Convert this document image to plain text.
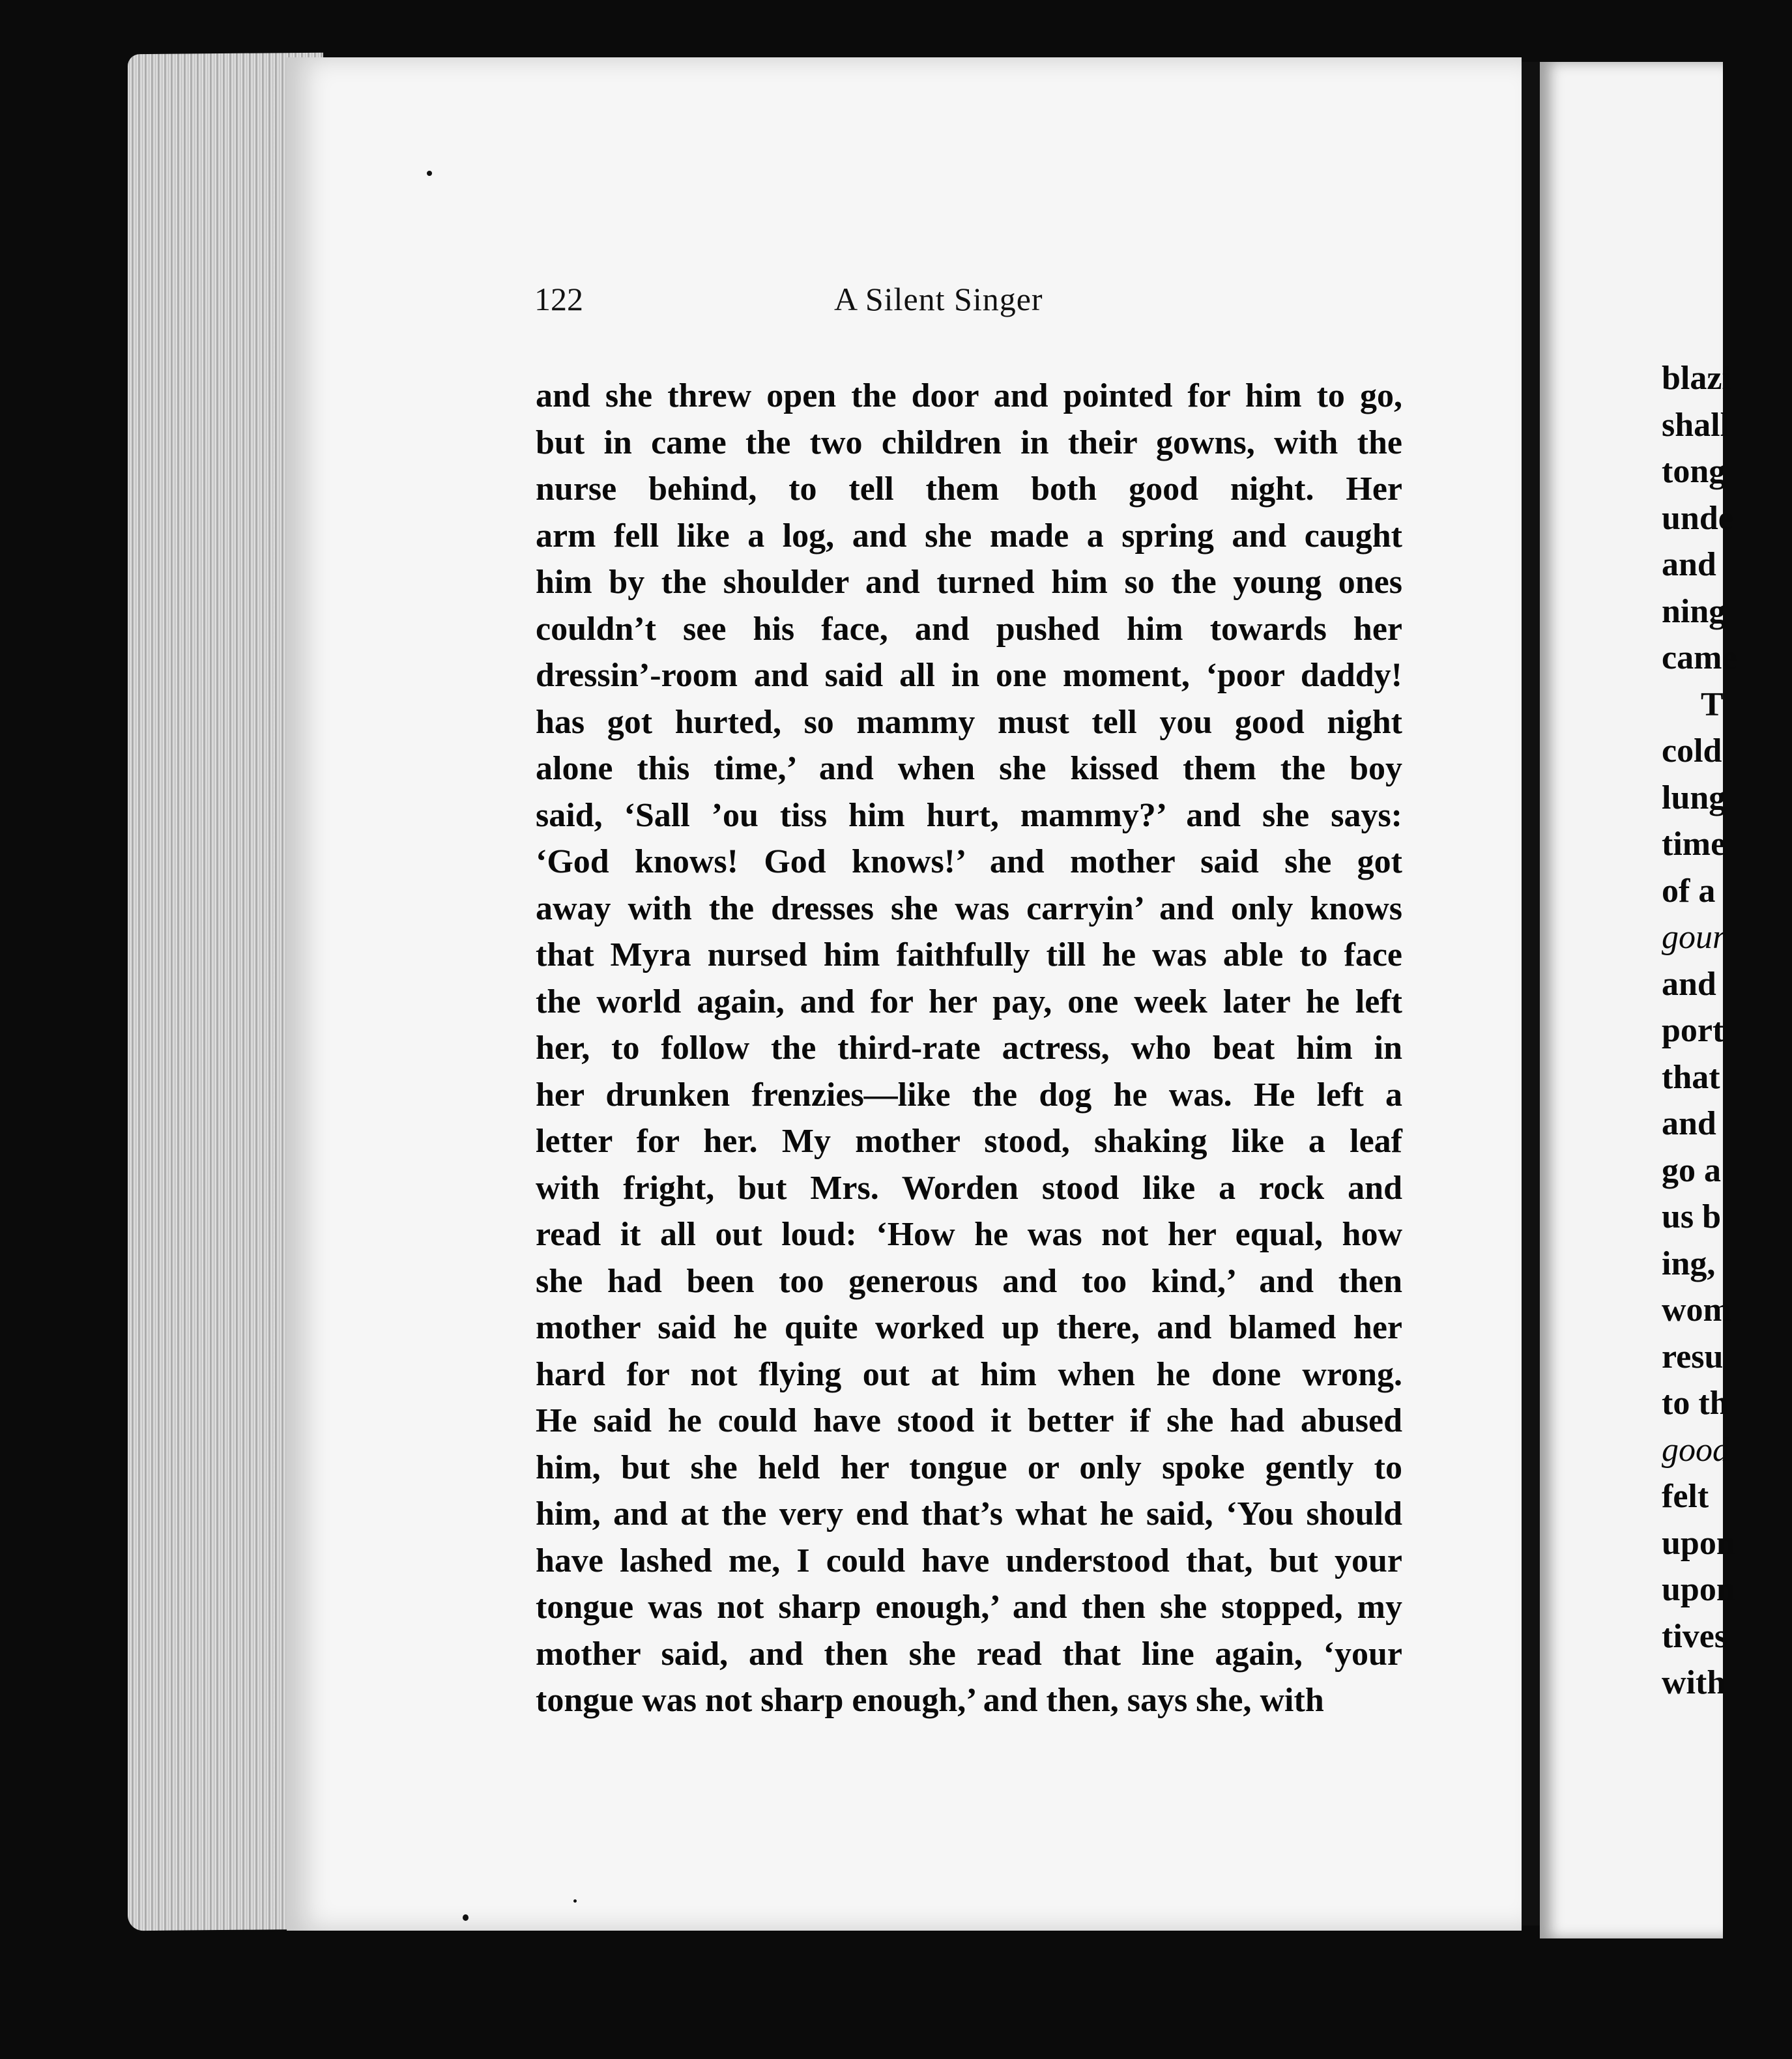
122	A Silent Singer
and she threw open the door and pointed for him to go,
but in came the two children in their gowns, with the
nurse behind, to tell them both good night. Her
arm fell like a log, and she made a spring and caught
him by the shoulder and turned him so the young ones
couldn’t see his face, and pushed him towards her
dressin’-room and said all in one moment, ‘poor daddy!
has got hurted, so mammy must tell you good night
alone this time,’ and when she kissed them the boy
said, ‘Sall ’ou tiss him hurt, mammy?’ and she says:
‘God knows! God knows!’ and mother said she got
away with the dresses she was carryin’ and only knows
that Myra nursed him faithfully till he was able to face
the world again, and for her pay, one week later he left
her, to follow the third-rate actress, who beat him in
her drunken frenzies—like the dog he was. He left a
letter for her. My mother stood, shaking like a leaf
with fright, but Mrs. Worden stood like a rock and
read it all out loud: ‘How he was not her equal, how
she had been too generous and too kind,’ and then
mother said he quite worked up there, and blamed her
hard for not flying out at him when he done wrong.
He said he could have stood it better if she had abused
him, but she held her tongue or only spoke gently to
him, and at the very end that’s what he said, ‘You should
have lashed me, I could have understood that, but your
tongue was not sharp enough,’ and then she stopped, my
mother said, and then she read that line again, ‘your
tongue was not sharp enough,’ and then, says she, with
blazi
shall
tong
unde
and
ning
came
T
cold
lung
time
of a
gour
and
port
that
and
go a
us b
ing,
wom
resu
to th
good
felt
upon
upon
tives
with
